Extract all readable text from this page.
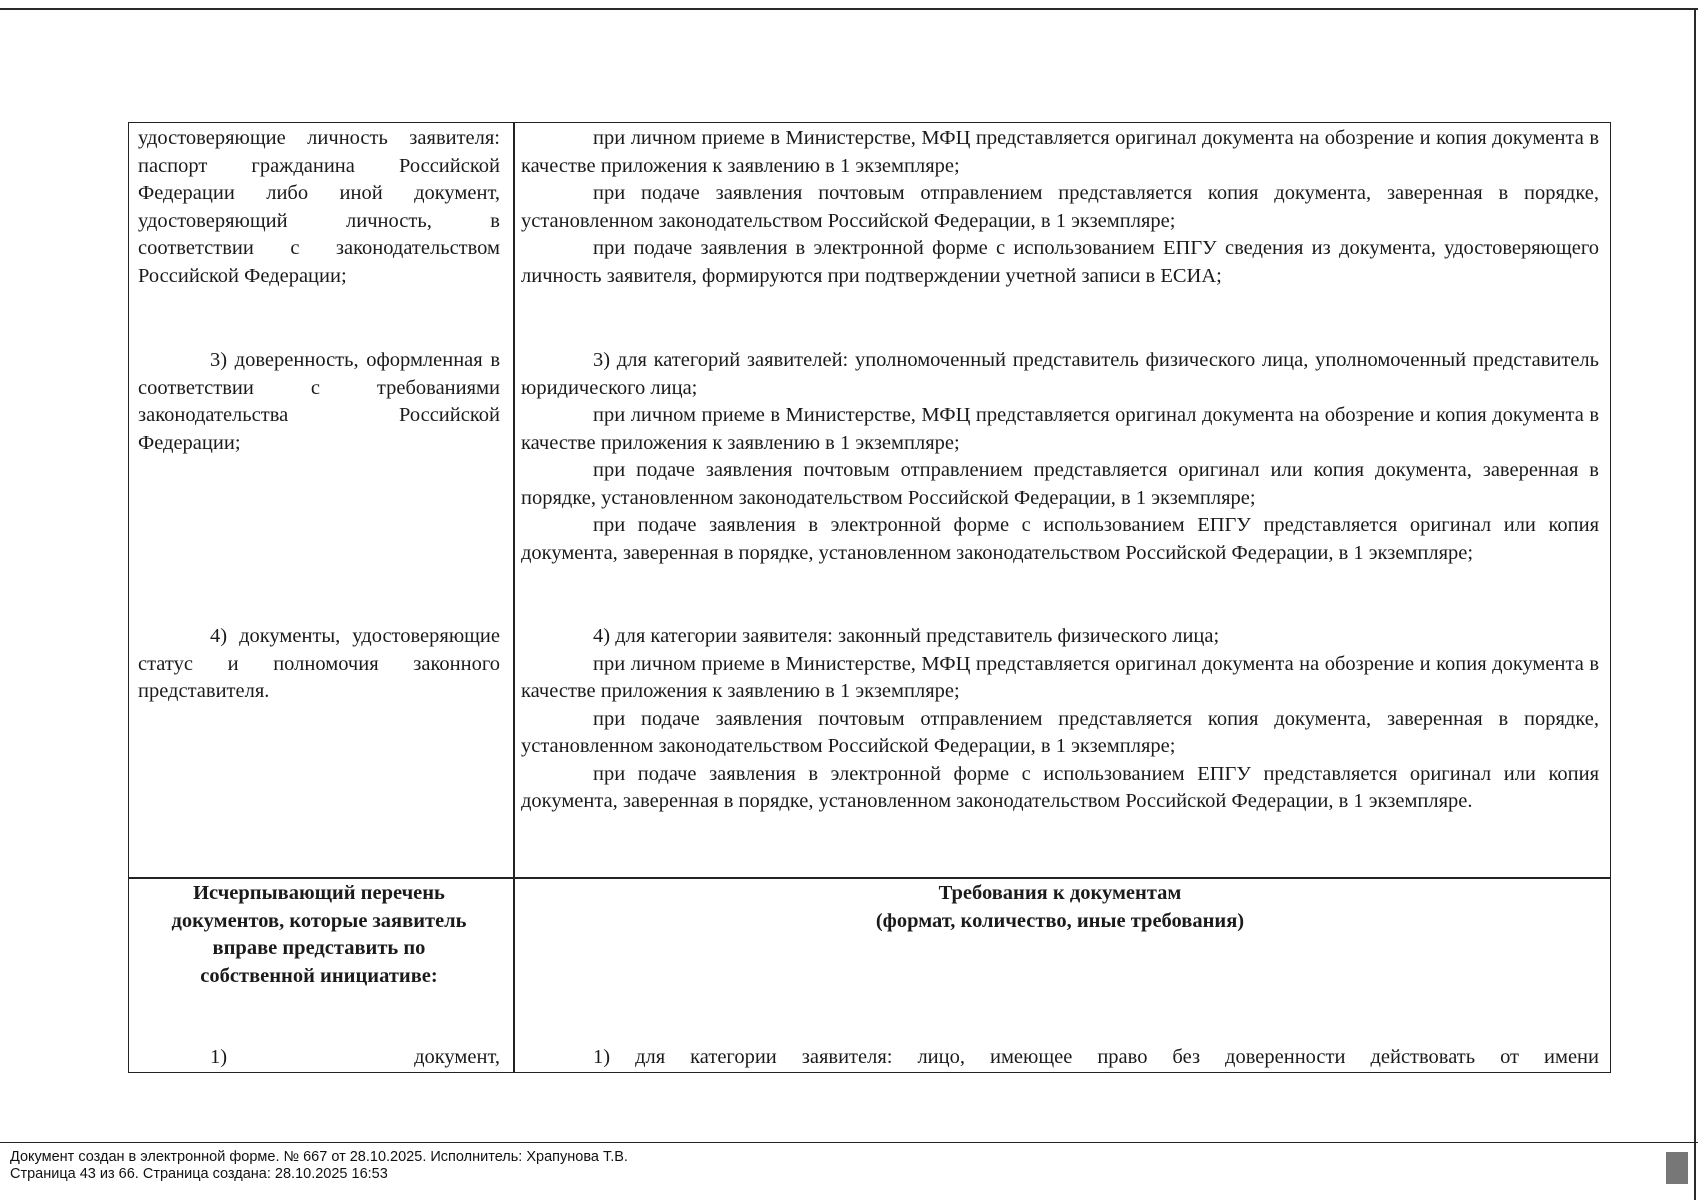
удостоверяющие личность заявителя: паспорт гражданина Российской Федерации либо иной документ, удостоверяющий личность, в соответствии с законодательством Российской Федерации;

при личном приеме в Министерстве, МФЦ представляется оригинал документа на обозрение и копия документа в качестве приложения к заявлению в 1 экземпляре;

при подаче заявления почтовым отправлением представляется копия документа, заверенная в порядке, установленном законодательством Российской Федерации, в 1 экземпляре;

при подаче заявления в электронной форме с использованием ЕПГУ сведения из документа, удостоверяющего личность заявителя, формируются при подтверждении учетной записи в ЕСИА;

3) доверенность, оформленная в соответствии с требованиями законодательства Российской Федерации;

3) для категорий заявителей: уполномоченный представитель физического лица, уполномоченный представитель юридического лица;

при личном приеме в Министерстве, МФЦ представляется оригинал документа на обозрение и копия документа в качестве приложения к заявлению в 1 экземпляре;

при подаче заявления почтовым отправлением представляется оригинал или копия документа, заверенная в порядке, установленном законодательством Российской Федерации, в 1 экземпляре;

при подаче заявления в электронной форме с использованием ЕПГУ представляется оригинал или копия документа, заверенная в порядке, установленном законодательством Российской Федерации, в 1 экземпляре;

4) документы, удостоверяющие статус и полномочия законного представителя.

4) для категории заявителя: законный представитель физического лица;

при личном приеме в Министерстве, МФЦ представляется оригинал документа на обозрение и копия документа в качестве приложения к заявлению в 1 экземпляре;

при подаче заявления почтовым отправлением представляется копия документа, заверенная в порядке, установленном законодательством Российской Федерации, в 1 экземпляре;

при подаче заявления в электронной форме с использованием ЕПГУ представляется оригинал или копия документа, заверенная в порядке, установленном законодательством Российской Федерации, в 1 экземпляре.

Исчерпывающий перечень документов, которые заявитель вправе представить по собственной инициативе:

Требования к документам

(формат, количество, иные требования)

1) документ,	1) для категории заявителя: лицо, имеющее право без доверенности действовать от имени

Документ создан в электронной форме. № 667 от 28.10.2025. Исполнитель: Храпунова Т.В.
Страница 43 из 66. Страница создана: 28.10.2025 16:53
